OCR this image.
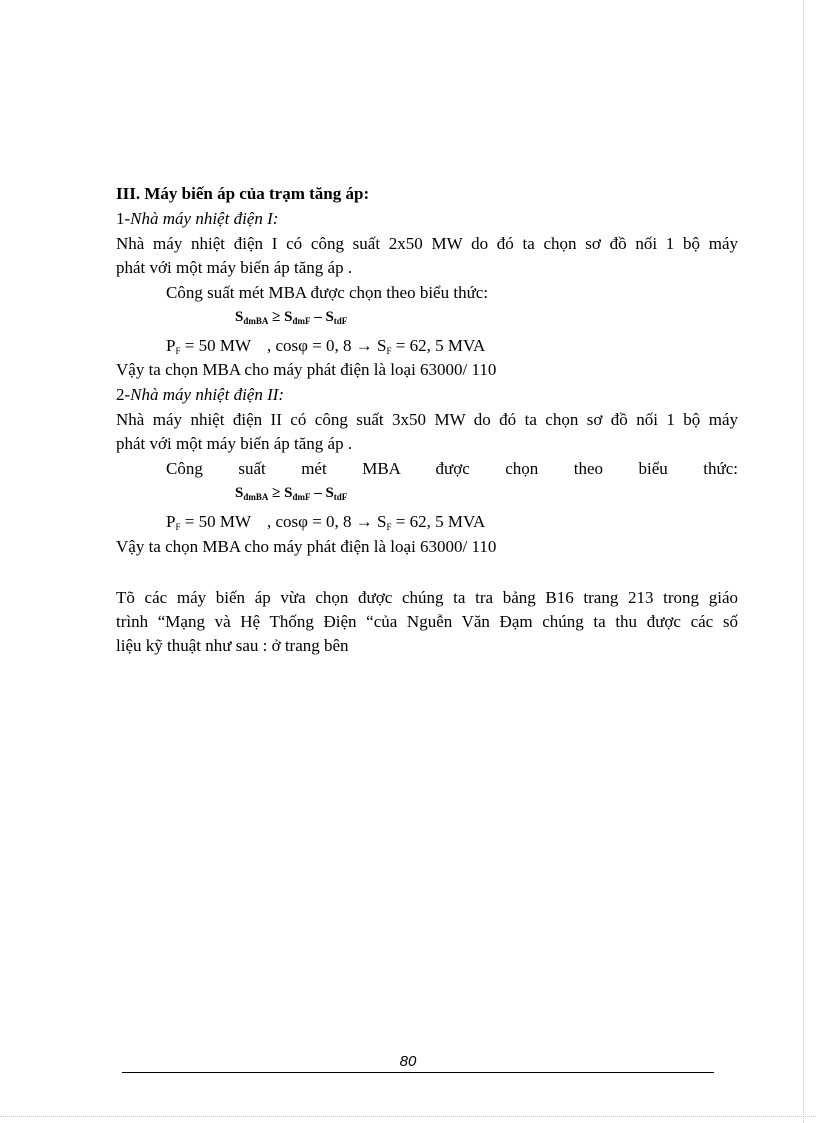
III. Máy biến áp của trạm tăng áp:
1-Nhà máy nhiệt điện I:
Nhà máy nhiệt điện I có công suất 2x50 MW do đó ta chọn sơ đồ nối 1 bộ máy
phát với một máy biến áp tăng áp .
Công suất mét MBA được chọn theo biểu thức:
$S_{đmBA} \ge S_{đmF} - S_{tdF}$
$P_F = 50$ MW , cosφ = 0, $8 \to S_F = 62$, 5 MVA
Vậy ta chọn MBA cho máy phát điện là loại 63000/ 110
2-Nhà máy nhiệt điện II:
Nhà máy nhiệt điện II có công suất 3x50 MW do đó ta chọn sơ đồ nối 1 bộ máy
phát với một máy biến áp tăng áp .
Công suất mét MBA được chọn theo biểu thức:
$S_{đmBA} \ge S_{đmF} - S_{tdF}$
$P_F = 50$ MW , cosφ = 0, $8 \to S_F = 62$, 5 MVA
Vậy ta chọn MBA cho máy phát điện là loại 63000/ 110
Tõ các máy biến áp vừa chọn được chúng ta tra bảng B16 trang 213 trong giáo
trình “Mạng và Hệ Thống Điện “của Nguễn Văn Đạm chúng ta thu được các số
liệu kỹ thuật như sau : ở trang bên
80
